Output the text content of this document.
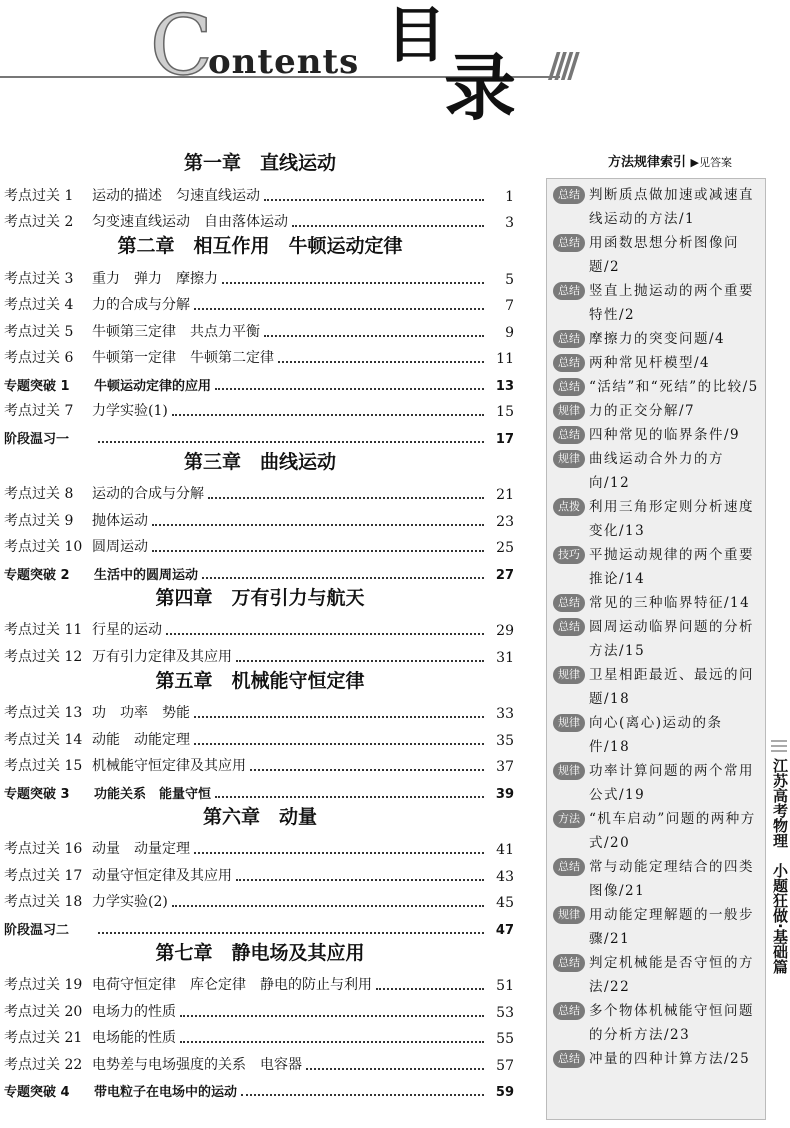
C
ontents 目
录 ////
第一章　直线运动
考点过关 1	运动的描述　匀速直线运动	1
考点过关 2	匀变速直线运动　自由落体运动	3
第二章　相互作用　牛顿运动定律
考点过关 3	重力　弹力　摩擦力	5
考点过关 4	力的合成与分解	7
考点过关 5	牛顿第三定律　共点力平衡	9
考点过关 6	牛顿第一定律　牛顿第二定律	11
专题突破 1	牛顿运动定律的应用	13
考点过关 7	力学实验(1)	15
阶段温习一	17
第三章　曲线运动
考点过关 8	运动的合成与分解	21
考点过关 9	抛体运动	23
考点过关 10 圆周运动	25
专题突破 2	生活中的圆周运动	27
第四章　万有引力与航天
考点过关 11 行星的运动	29
考点过关 12 万有引力定律及其应用	31
第五章　机械能守恒定律
考点过关 13 功　功率　势能	33
考点过关 14 动能　动能定理	35
考点过关 15 机械能守恒定律及其应用	37
专题突破 3	功能关系　能量守恒	39
第六章　动量
考点过关 16 动量　动量定理	41
考点过关 17 动量守恒定律及其应用	43
考点过关 18 力学实验(2)	45
阶段温习二	47
第七章　静电场及其应用
考点过关 19 电荷守恒定律　库仑定律　静电的防止与利用	51
考点过关 20 电场力的性质	53
考点过关 21 电场能的性质	55
考点过关 22 电势差与电场强度的关系　电容器	57
专题突破 4	带电粒子在电场中的运动	59
方法规律索引 ▶见答案
总结 判断质点做加速或减速直线运动的方法/1
总结 用函数思想分析图像问题/2
总结 竖直上抛运动的两个重要特性/2
总结 摩擦力的突变问题/4
总结 两种常见杆模型/4
总结 “活结”和“死结”的比较/5
规律 力的正交分解/7
总结 四种常见的临界条件/9
规律 曲线运动合外力的方向/12
点拨 利用三角形定则分析速度变化/13
技巧 平抛运动规律的两个重要推论/14
总结 常见的三种临界特征/14
总结 圆周运动临界问题的分析方法/15
规律 卫星相距最近、最远的问题/18
规律 向心(离心)运动的条件/18
规律 功率计算问题的两个常用公式/19
方法 “机车启动”问题的两种方式/20
总结 常与动能定理结合的四类图像/21
规律 用动能定理解题的一般步骤/21
总结 判定机械能是否守恒的方法/22
总结 多个物体机械能守恒问题的分析方法/23
总结 冲量的四种计算方法/25
江苏高考物理　小题狂做·基础篇
